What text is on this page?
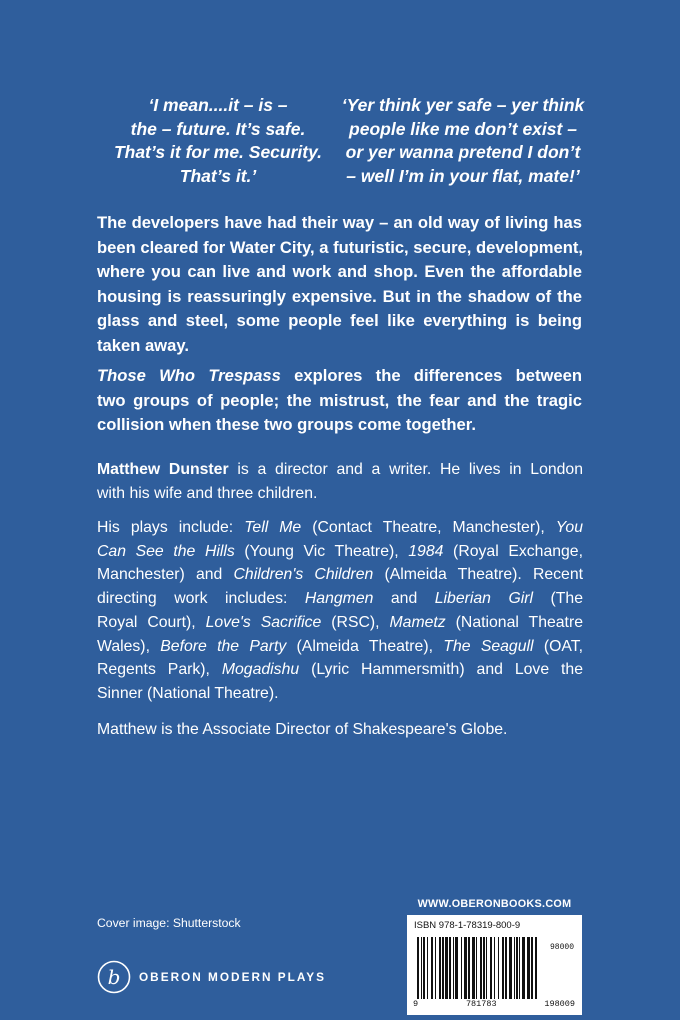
‘I mean....it – is –
the – future. It’s safe.
That’s it for me. Security.
That’s it.’
‘Yer think yer safe – yer think
people like me don’t exist –
or yer wanna pretend I don’t
– well I’m in your flat, mate!’
The developers have had their way – an old way of living has
been cleared for Water City, a futuristic, secure, development,
where you can live and work and shop. Even the affordable
housing is reassuringly expensive. But in the shadow of the
glass and steel, some people feel like everything is being
taken away.
Those Who Trespass explores the differences between
two groups of people; the mistrust, the fear and the tragic
collision when these two groups come together.
Matthew Dunster is a director and a writer. He lives in London
with his wife and three children.
His plays include: Tell Me (Contact Theatre, Manchester), You
Can See the Hills (Young Vic Theatre), 1984 (Royal Exchange,
Manchester) and Children's Children (Almeida Theatre). Recent
directing work includes: Hangmen and Liberian Girl (The
Royal Court), Love's Sacrifice (RSC), Mametz (National Theatre
Wales), Before the Party (Almeida Theatre), The Seagull (OAT,
Regents Park), Mogadishu (Lyric Hammersmith) and Love the
Sinner (National Theatre).
Matthew is the Associate Director of Shakespeare's Globe.
WWW.OBERONBOOKS.COM
ISBN 978-1-78319-800-9
98000
9	781783	198009
Cover image: Shutterstock
b OBERON MODERN PLAYS
